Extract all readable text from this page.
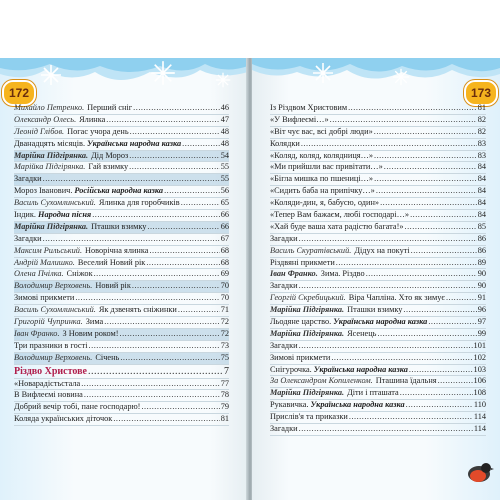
172
Михайло Петренко. Перший сніг .....	46
Олександр Олесь. Ялинка .....	47
Леонід Глібов. Погас учора день .....	48
Дванадцять місяців. Українська народна казка .....	48
Марійка Підгірянка. Дід Мороз .....	54
Марійка Підгірянка. Гай взимку .....	55
Загадки .....	55
Мороз Іванович. Російська народна казка .....	56
Василь Сухомлинський. Ялинка для горобчиків .....	65
Індик. Народна пісня .....	66
Марійка Підгірянка. Пташки взимку .....	66
Загадки .....	67
Максим Рильський. Новорічна ялинка .....	68
Андрій Малишко. Веселий Новий рік .....	68
Олена Пчілка. Сніжок .....	69
Володимир Верховень. Новий рік .....	70
Зимові прикмети .....	70
Василь Сухомлинський. Як дзвенять сніжинки .....	71
Григорій Чупринка. Зима .....	72
Іван Франко. З Новим роком! .....	72
Три празники в гості .....	73
Володимир Верховень. Січень .....	75
Різдво Христове .....	7
«Новарадістьстала .....	77
В Вифлеємі новина .....	78
Добрий вечір тобі, пане господарю! .....	79
Коляда українських діточок .....	81
173
Із Різдвом Христовим .....	81
«У Вифлеємі…» .....	82
«Віт чує вас, всі добрі люди» .....	82
Колядки .....	83
«Коляд, коляд, колядниця…» .....	83
«Ми прийшли вас привітати…» .....	84
«Бігла мишка по пшениці…» .....	84
«Сидить баба на припічку…» .....	84
«Коляди-дин, я, бабусю, один» .....	84
«Тепер Вам бажаєм, любі господарі…» .....	84
«Хай буде ваша хата радістю багата!» .....	85
Загадки .....	86
Василь Скуратівський. Дідух на покуті .....	86
Різдвяні прикмети .....	89
Іван Франко. Зима. Різдво .....	90
Загадки .....	90
Георгій Скребицький. Віра Чапліна. Хто як зимує .....	91
Марійка Підгірянка. Пташки взимку .....	96
Льодяне царство. Українська народна казка .....	97
Марійка Підгірянка. Ясенець .....	99
Загадки .....	101
Зимові прикмети .....	102
Снігурочка. Українська народна казка .....	103
За Олександром Копиленком. Пташина їдальня .....	106
Марійка Підгірянка. Діти і пташата .....	108
Рукавичка. Українська народна казка .....	110
Прислів'я та приказки .....	114
Загадки .....	114
